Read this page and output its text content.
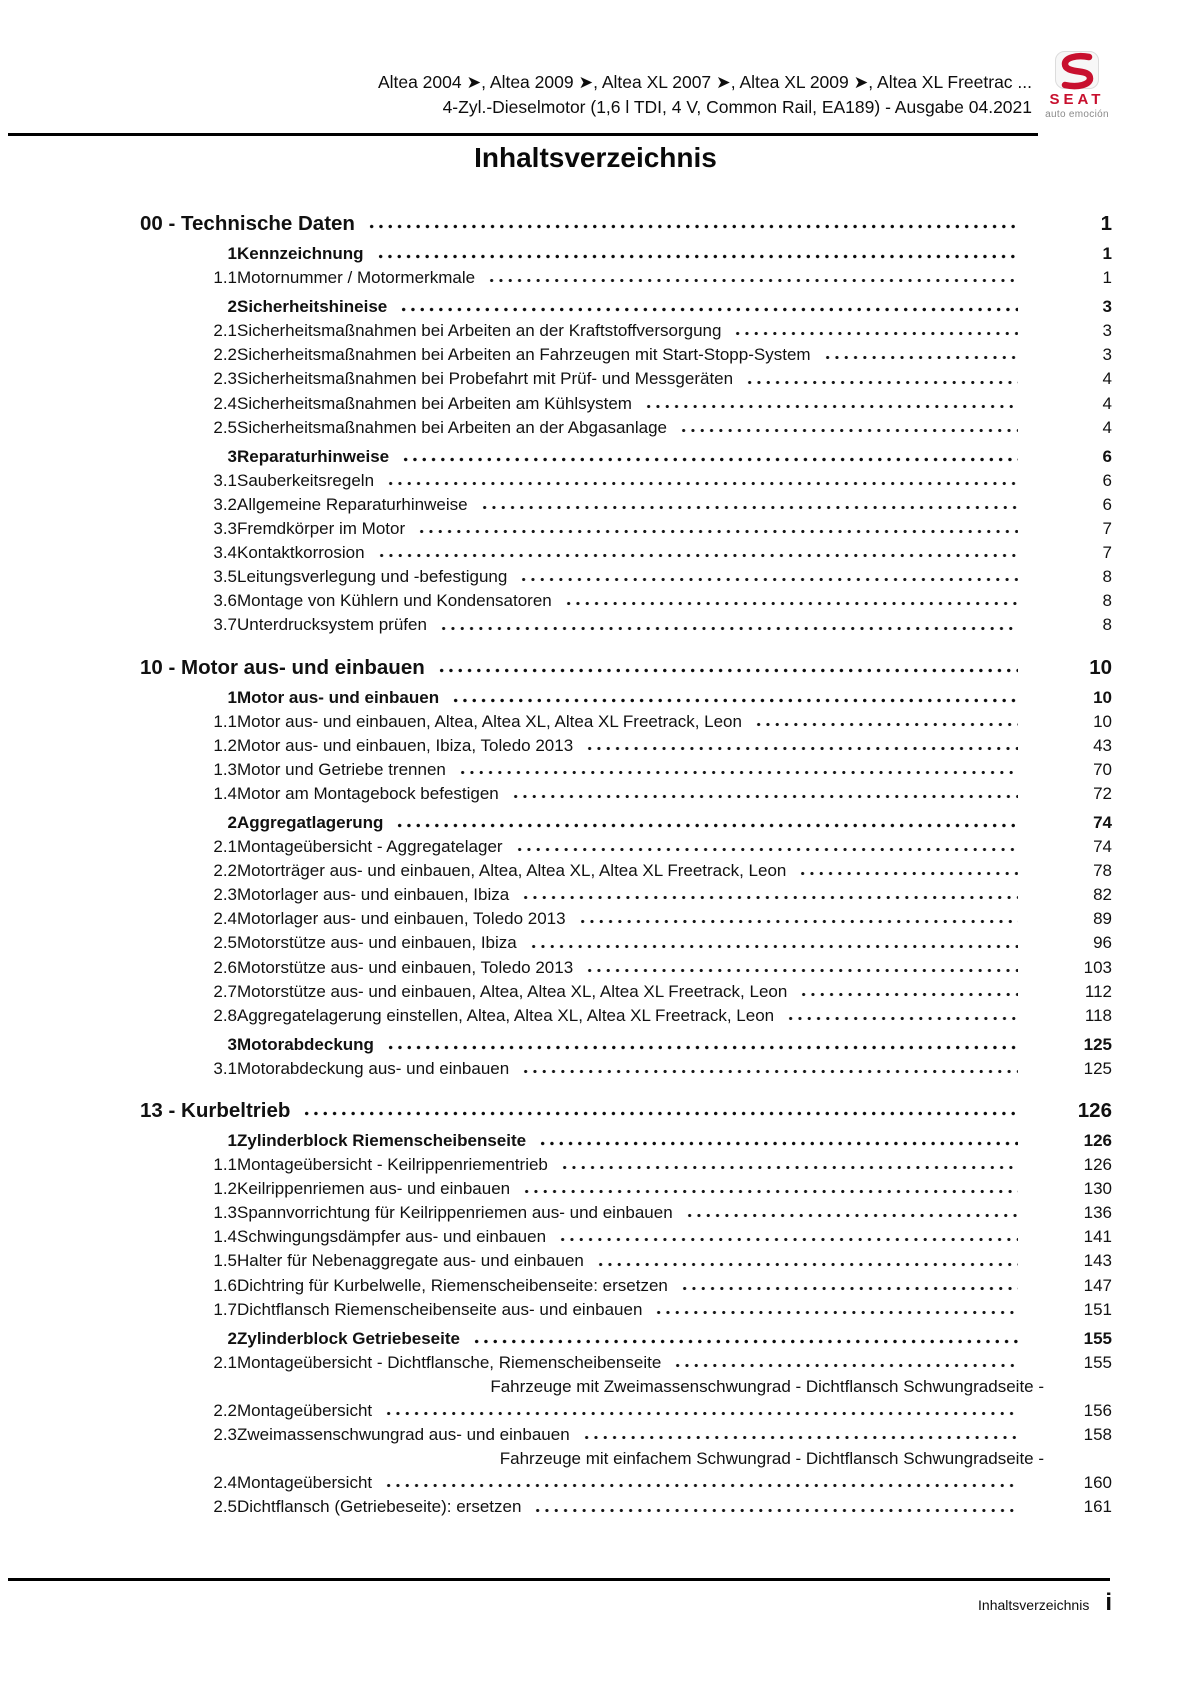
Altea 2004 ➤, Altea 2009 ➤, Altea XL 2007 ➤, Altea XL 2009 ➤, Altea XL Freetrac ...
4-Zyl.-Dieselmotor (1,6 l TDI, 4 V, Common Rail, EA189) - Ausgabe 04.2021	SEAT
auto emoción
Inhaltsverzeichnis
00 - Technische Daten	1
1 Kennzeichnung	1
1.1 Motornummer / Motormerkmale	1
2 Sicherheitshineise	3
2.1 Sicherheitsmaßnahmen bei Arbeiten an der Kraftstoffversorgung	3
2.2 Sicherheitsmaßnahmen bei Arbeiten an Fahrzeugen mit Start-Stopp-System	3
2.3 Sicherheitsmaßnahmen bei Probefahrt mit Prüf- und Messgeräten	4
2.4 Sicherheitsmaßnahmen bei Arbeiten am Kühlsystem	4
2.5 Sicherheitsmaßnahmen bei Arbeiten an der Abgasanlage	4
3 Reparaturhinweise	6
3.1 Sauberkeitsregeln	6
3.2 Allgemeine Reparaturhinweise	6
3.3 Fremdkörper im Motor	7
3.4 Kontaktkorrosion	7
3.5 Leitungsverlegung und -befestigung	8
3.6 Montage von Kühlern und Kondensatoren	8
3.7 Unterdrucksystem prüfen	8
10 - Motor aus- und einbauen	10
1 Motor aus- und einbauen	10
1.1 Motor aus- und einbauen, Altea, Altea XL, Altea XL Freetrack, Leon	10
1.2 Motor aus- und einbauen, Ibiza, Toledo 2013	43
1.3 Motor und Getriebe trennen	70
1.4 Motor am Montagebock befestigen	72
2 Aggregatlagerung	74
2.1 Montageübersicht - Aggregatelager	74
2.2 Motorträger aus- und einbauen, Altea, Altea XL, Altea XL Freetrack, Leon	78
2.3 Motorlager aus- und einbauen, Ibiza	82
2.4 Motorlager aus- und einbauen, Toledo 2013	89
2.5 Motorstütze aus- und einbauen, Ibiza	96
2.6 Motorstütze aus- und einbauen, Toledo 2013	103
2.7 Motorstütze aus- und einbauen, Altea, Altea XL, Altea XL Freetrack, Leon	112
2.8 Aggregatelagerung einstellen, Altea, Altea XL, Altea XL Freetrack, Leon	118
3 Motorabdeckung	125
3.1 Motorabdeckung aus- und einbauen	125
13 - Kurbeltrieb	126
1 Zylinderblock Riemenscheibenseite	126
1.1 Montageübersicht - Keilrippenriementrieb	126
1.2 Keilrippenriemen aus- und einbauen	130
1.3 Spannvorrichtung für Keilrippenriemen aus- und einbauen	136
1.4 Schwingungsdämpfer aus- und einbauen	141
1.5 Halter für Nebenaggregate aus- und einbauen	143
1.6 Dichtring für Kurbelwelle, Riemenscheibenseite: ersetzen	147
1.7 Dichtflansch Riemenscheibenseite aus- und einbauen	151
2 Zylinderblock Getriebeseite	155
2.1 Montageübersicht - Dichtflansche, Riemenscheibenseite	155
2.2
Fahrzeuge mit Zweimassenschwungrad - Dichtflansch Schwungradseite -
Montageübersicht	156
2.3 Zweimassenschwungrad aus- und einbauen	158
2.4
Fahrzeuge mit einfachem Schwungrad - Dichtflansch Schwungradseite -
Montageübersicht	160
2.5 Dichtflansch (Getriebeseite): ersetzen	161
Inhaltsverzeichnis i
